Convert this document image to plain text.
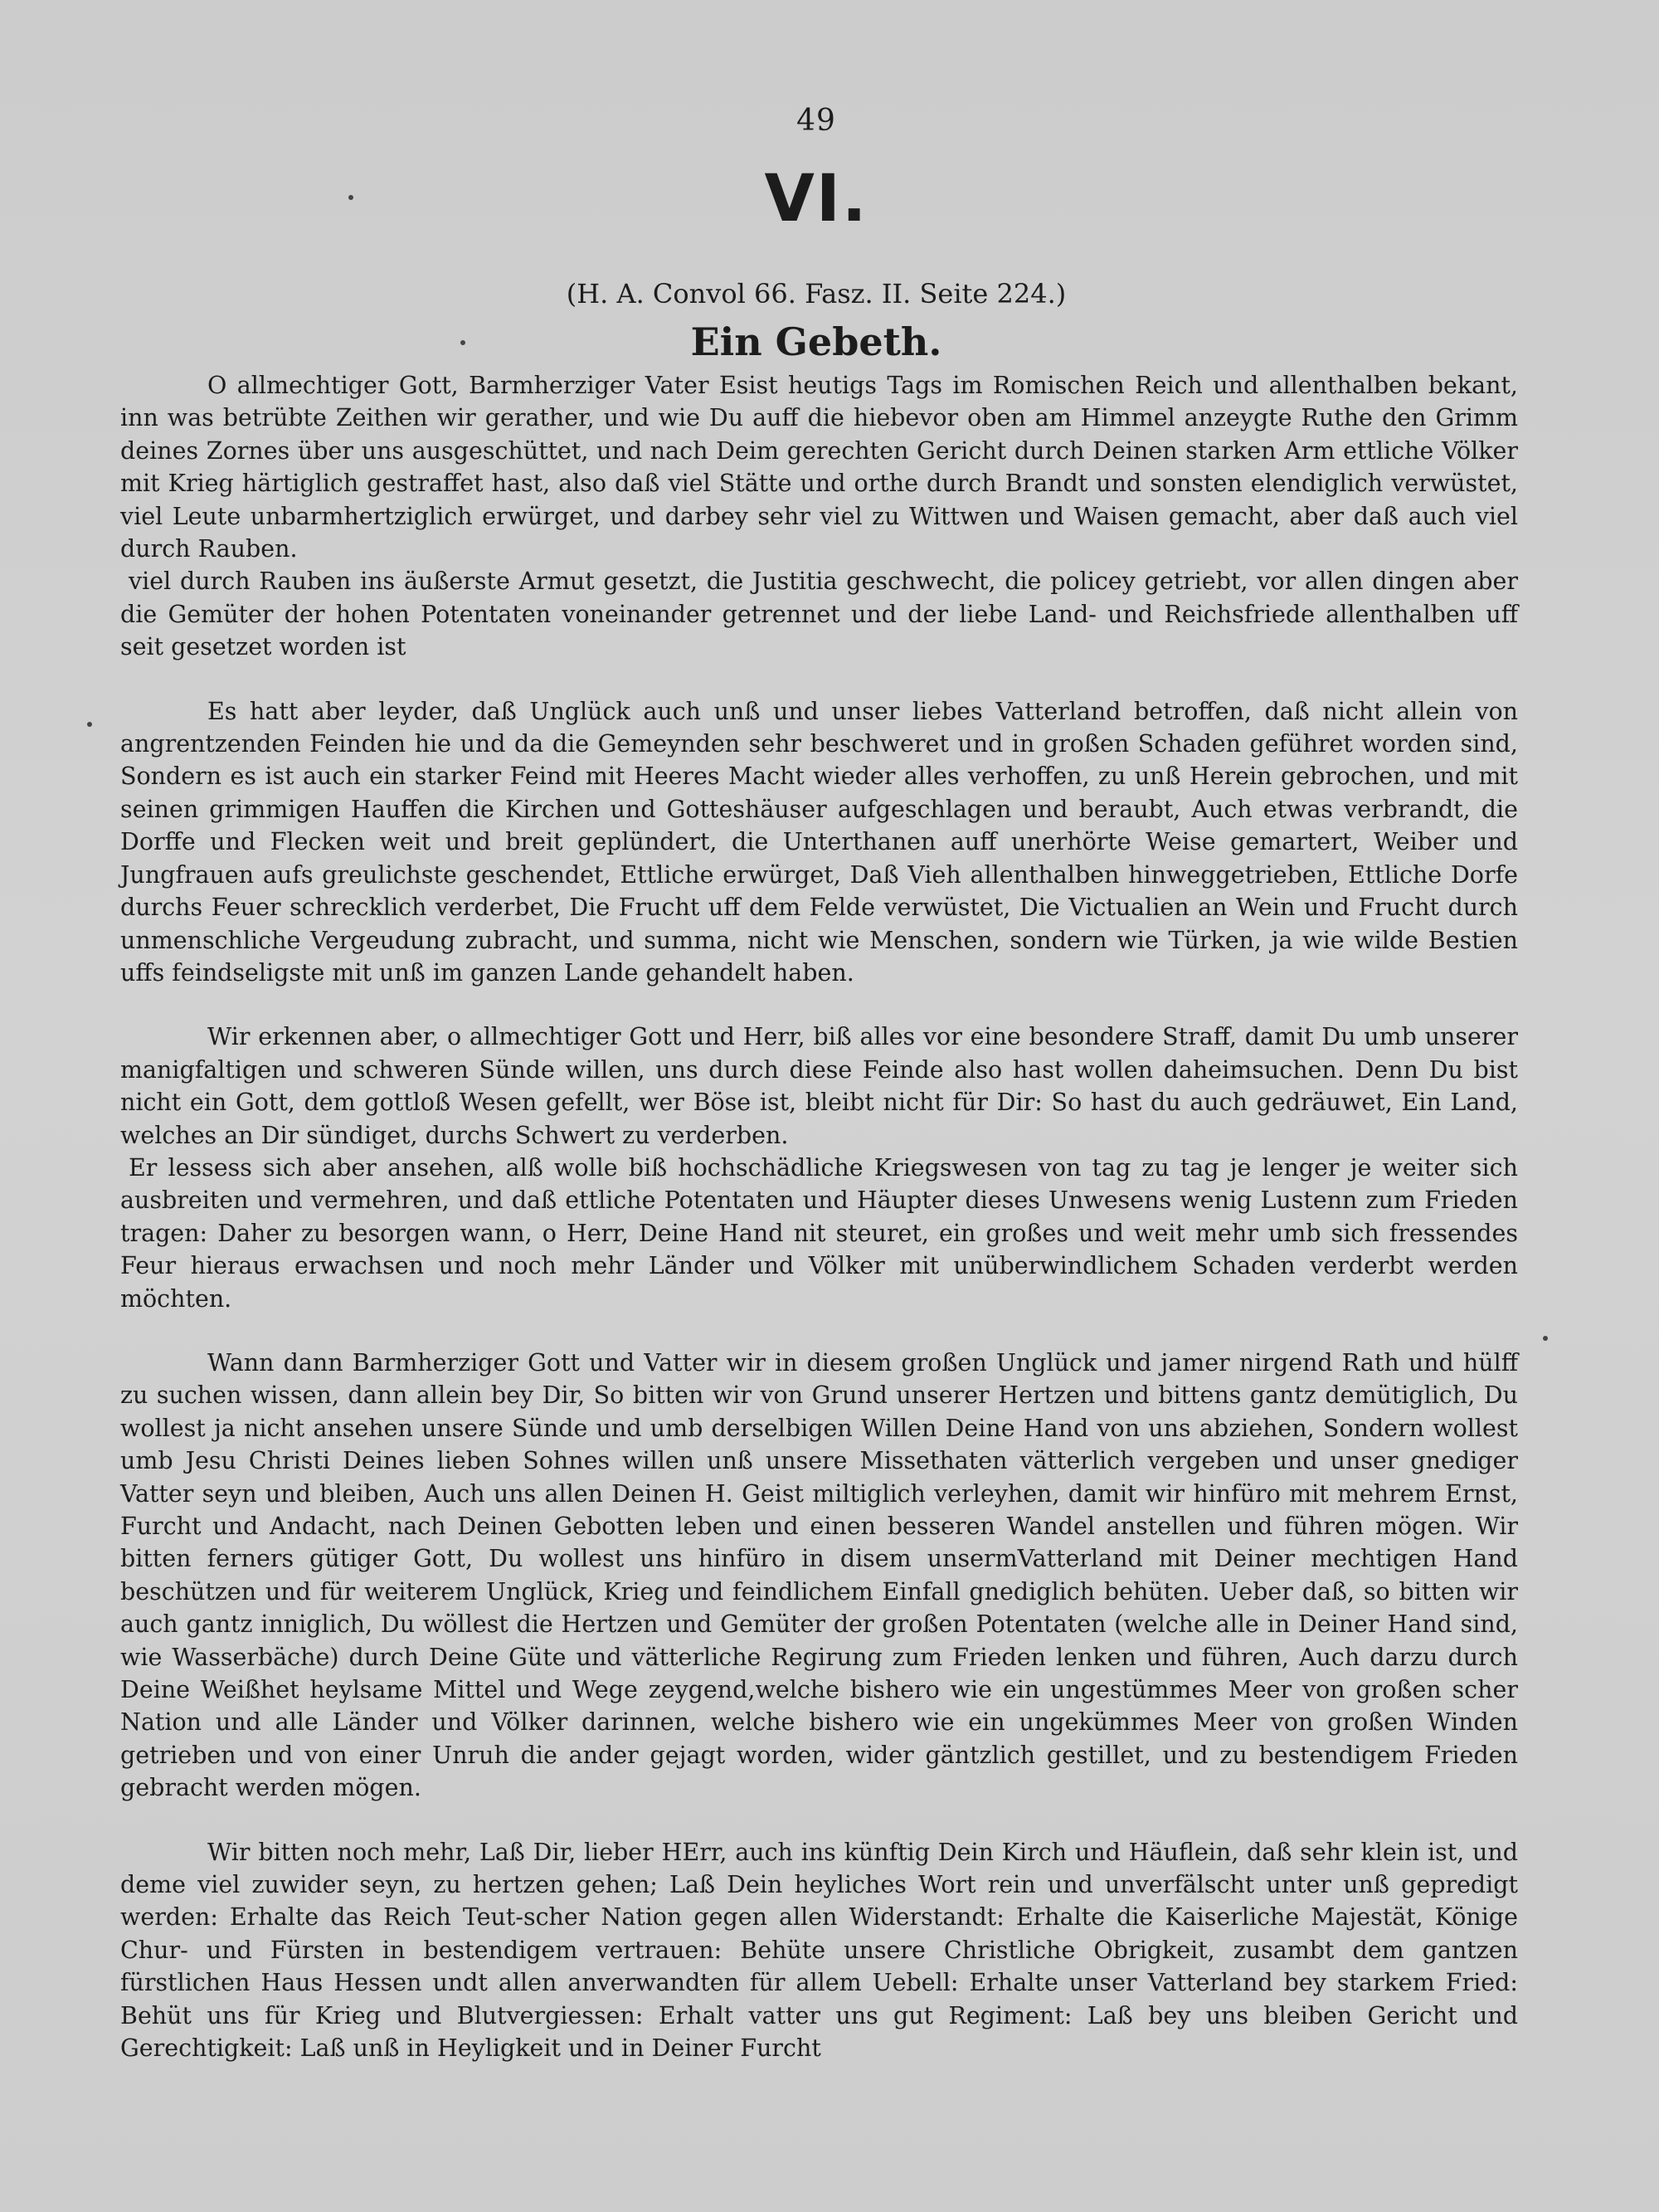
49
VI.
(H. A. Convol 66. Fasz. II. Seite 224.)
Ein Gebeth.

O allmechtiger Gott, Barmherziger Vater Esist heutigs Tags im Romischen Reich und allenthalben bekant, inn was betrübte Zeithen wir gerather, und wie Du auff die hiebevor oben am Himmel anzeygte Ruthe den Grimm deines Zornes über uns ausgeschüttet, und nach Deim gerechten Gericht durch Deinen starken Arm ettliche Völker mit Krieg härtiglich gestraffet hast, also daß viel Stätte und orthe durch Brandt und sonsten elendiglich verwüstet, viel Leute unbarmhertziglich erwürget, und darbey sehr viel zu Wittwen und Waisen gemacht, aber daß auch viel durch Rauben.

viel durch Rauben ins äußerste Armut gesetzt, die Justitia geschwecht, die policey getriebt, vor allen dingen aber die Gemüter der hohen Potentaten voneinander getrennet und der liebe Land- und Reichsfriede allenthalben uff seit gesetzet worden ist

Es hatt aber leyder, daß Unglück auch unß und unser liebes Vatterland betroffen, daß nicht allein von angrentzenden Feinden hie und da die Gemeynden sehr beschweret und in großen Schaden geführet worden sind, Sondern es ist auch ein starker Feind mit Heeres Macht wieder alles verhoffen, zu unß Herein gebrochen, und mit seinen grimmigen Hauffen die Kirchen und Gotteshäuser aufgeschlagen und beraubt, Auch etwas verbrandt, die Dorffe und Flecken weit und breit geplündert, die Unterthanen auff unerhörte Weise gemartert, Weiber und Jungfrauen aufs greulichste geschendet, Ettliche erwürget, Daß Vieh allenthalben hinweggetrieben, Ettliche Dorfe durchs Feuer schrecklich verderbet, Die Frucht uff dem Felde verwüstet, Die Victualien an Wein und Frucht durch unmenschliche Vergeudung zubracht, und summa, nicht wie Menschen, sondern wie Türken, ja wie wilde Bestien uffs feindseligste mit unß im ganzen Lande gehandelt haben.

Wir erkennen aber, o allmechtiger Gott und Herr, biß alles vor eine besondere Straff, damit Du umb unserer manigfaltigen und schweren Sünde willen, uns durch diese Feinde also hast wollen daheimsuchen. Denn Du bist nicht ein Gott, dem gottloß Wesen gefellt, wer Böse ist, bleibt nicht für Dir: So hast du auch gedräuwet, Ein Land, welches an Dir sündiget, durchs Schwert zu verderben.

Er lessess sich aber ansehen, alß wolle biß hochschädliche Kriegswesen von tag zu tag je lenger je weiter sich ausbreiten und vermehren, und daß ettliche Potentaten und Häupter dieses Unwesens wenig Lustenn zum Frieden tragen: Daher zu besorgen wann, o Herr, Deine Hand nit steuret, ein großes und weit mehr umb sich fressendes Feur hieraus erwachsen und noch mehr Länder und Völker mit unüberwindlichem Schaden verderbt werden möchten.

Wann dann Barmherziger Gott und Vatter wir in diesem großen Unglück und jamer nirgend Rath und hülff zu suchen wissen, dann allein bey Dir, So bitten wir von Grund unserer Hertzen und bittens gantz demütiglich, Du wollest ja nicht ansehen unsere Sünde und umb derselbigen Willen Deine Hand von uns abziehen, Sondern wollest umb Jesu Christi Deines lieben Sohnes willen unß unsere Missethaten vätterlich vergeben und unser gnediger Vatter seyn und bleiben, Auch uns allen Deinen H. Geist miltiglich verleyhen, damit wir hinfüro mit mehrem Ernst, Furcht und Andacht, nach Deinen Gebotten leben und einen besseren Wandel anstellen und führen mögen. Wir bitten ferners gütiger Gott, Du wollest uns hinfüro in disem unsermVatterland mit Deiner mechtigen Hand beschützen und für weiterem Unglück, Krieg und feindlichem Einfall gnediglich behüten. Ueber daß, so bitten wir auch gantz inniglich, Du wöllest die Hertzen und Gemüter der großen Potentaten (welche alle in Deiner Hand sind, wie Wasserbäche) durch Deine Güte und vätterliche Regirung zum Frieden lenken und führen, Auch darzu durch Deine Weißhet heylsame Mittel und Wege zeygend,welche bishero wie ein ungestümmes Meer von großen scher Nation und alle Länder und Völker darinnen, welche bishero wie ein ungekümmes Meer von großen Winden getrieben und von einer Unruh die ander gejagt worden, wider gäntzlich gestillet, und zu bestendigem Frieden gebracht werden mögen.

Wir bitten noch mehr, Laß Dir, lieber HErr, auch ins künftig Dein Kirch und Häuflein, daß sehr klein ist, und deme viel zuwider seyn, zu hertzen gehen; Laß Dein heyliches Wort rein und unverfälscht unter unß gepredigt werden: Erhalte das Reich Teut-scher Nation gegen allen Widerstandt: Erhalte die Kaiserliche Majestät, Könige Chur- und Fürsten in bestendigem vertrauen: Behüte unsere Christliche Obrigkeit, zusambt dem gantzen fürstlichen Haus Hessen undt allen anverwandten für allem Uebell: Erhalte unser Vatterland bey starkem Fried: Behüt uns für Krieg und Blutvergiessen: Erhalt vatter uns gut Regiment: Laß bey uns bleiben Gericht und Gerechtigkeit: Laß unß in Heyligkeit und in Deiner Furcht
